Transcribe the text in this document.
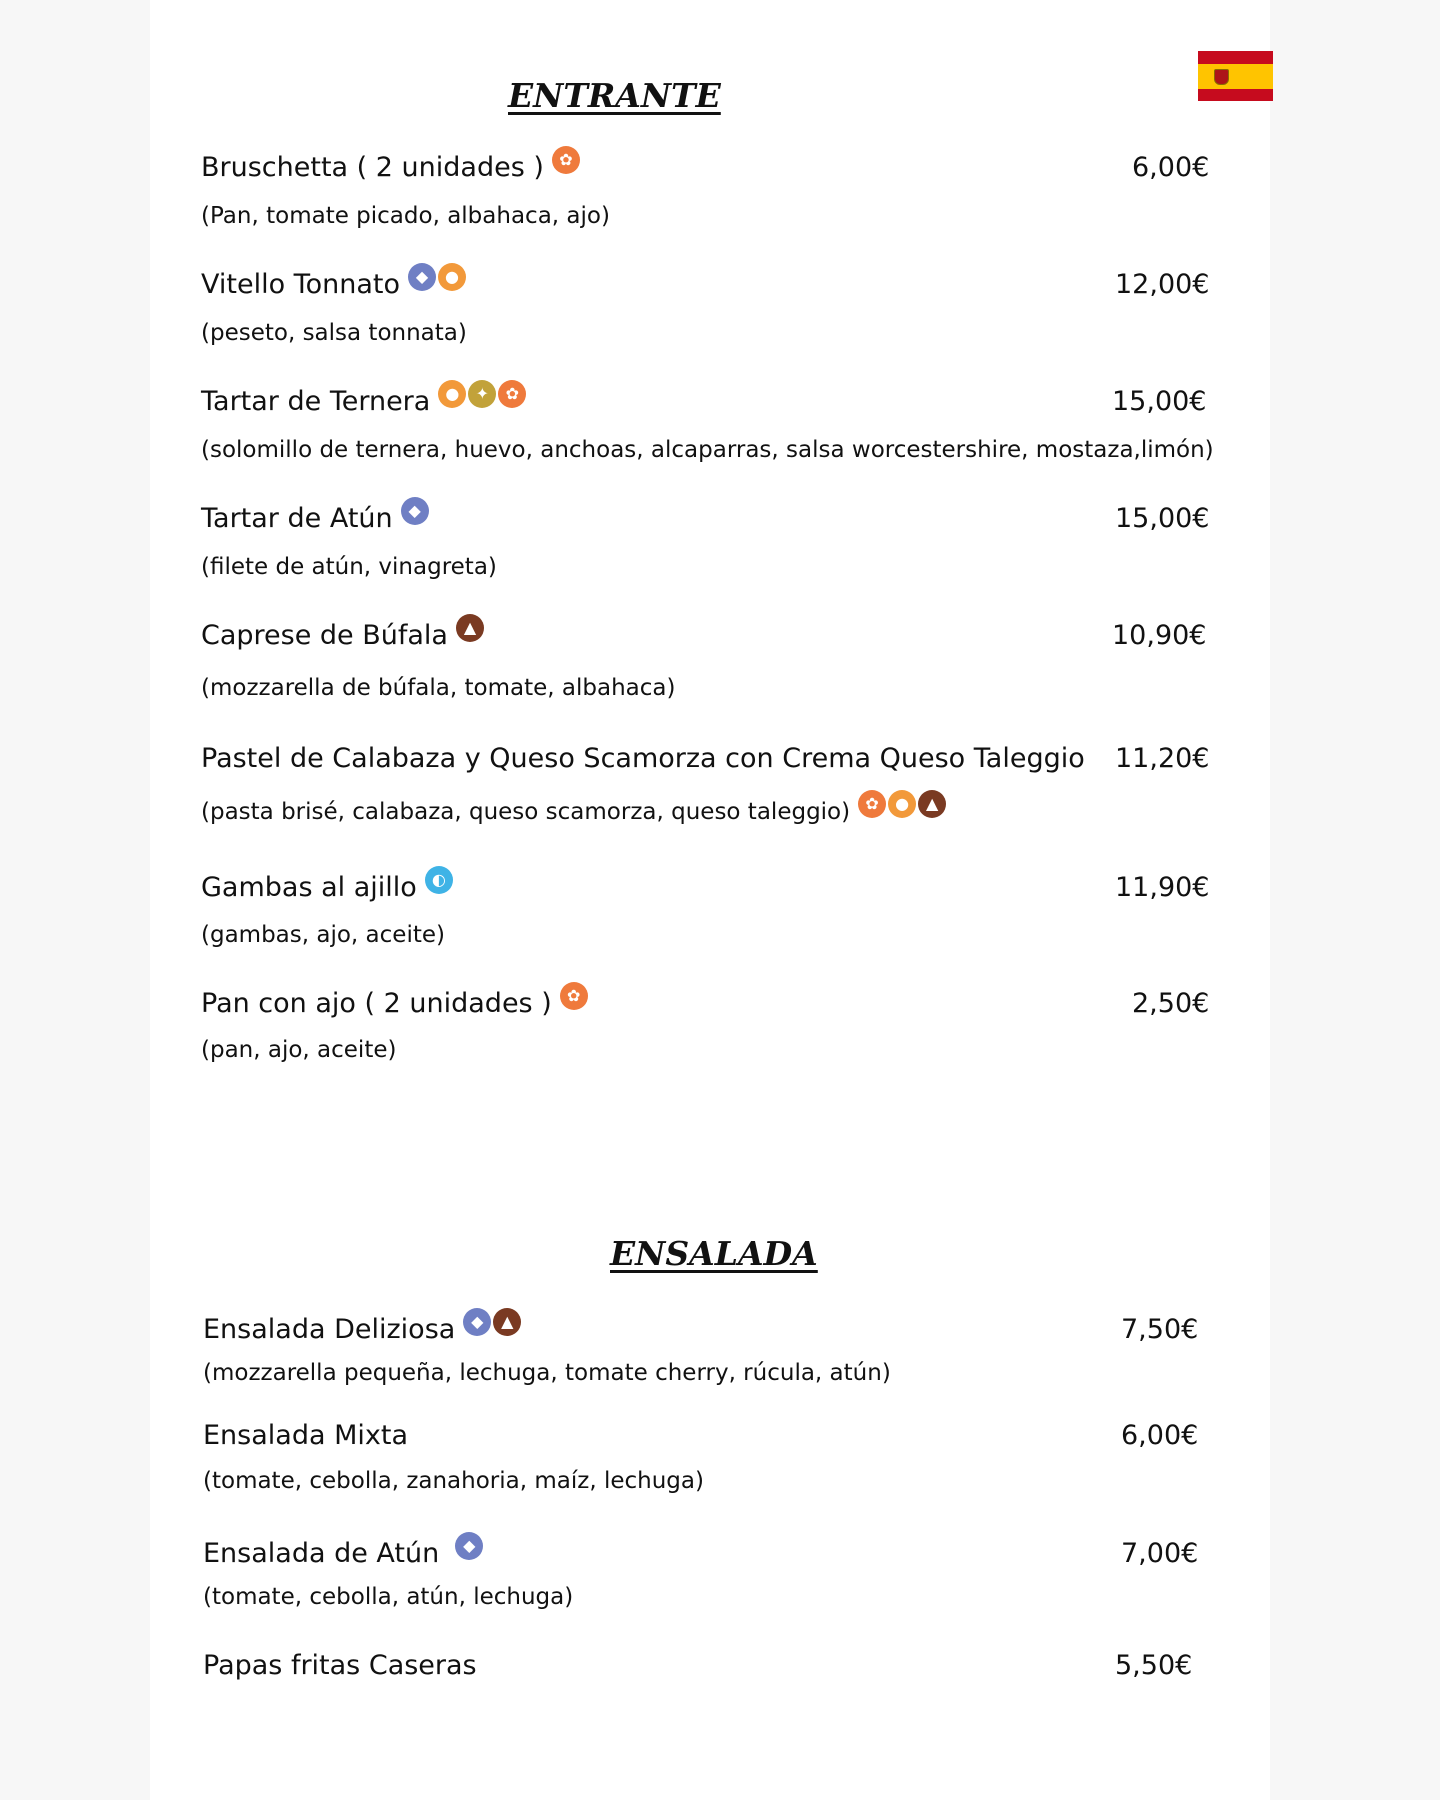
ENTRANTE
Bruschetta ( 2 unidades ) ✿	6,00€
(Pan, tomate picado, albahaca, ajo)
Vitello Tonnato ◆	●	12,00€
(peseto, salsa tonnata)
Tartar de Ternera ●	✦	✿	15,00€
(solomillo de ternera, huevo, anchoas, alcaparras, salsa worcestershire, mostaza,limón)
Tartar de Atún ◆	15,00€
(filete de atún, vinagreta)
Caprese de Búfala ▲	10,90€
(mozzarella de búfala, tomate, albahaca)
Pastel de Calabaza y Queso Scamorza con Crema Queso Taleggio 11,20€
(pasta brisé, calabaza, queso scamorza, queso taleggio) ✿	●	▲
Gambas al ajillo ◐	11,90€
(gambas, ajo, aceite)
Pan con ajo ( 2 unidades ) ✿	2,50€
(pan, ajo, aceite)
ENSALADA
Ensalada Deliziosa ◆	▲	7,50€
(mozzarella pequeña, lechuga, tomate cherry, rúcula, atún)
Ensalada Mixta	6,00€
(tomate, cebolla, zanahoria, maíz, lechuga)
Ensalada de Atún	◆	7,00€
(tomate, cebolla, atún, lechuga)
Papas fritas Caseras	5,50€
